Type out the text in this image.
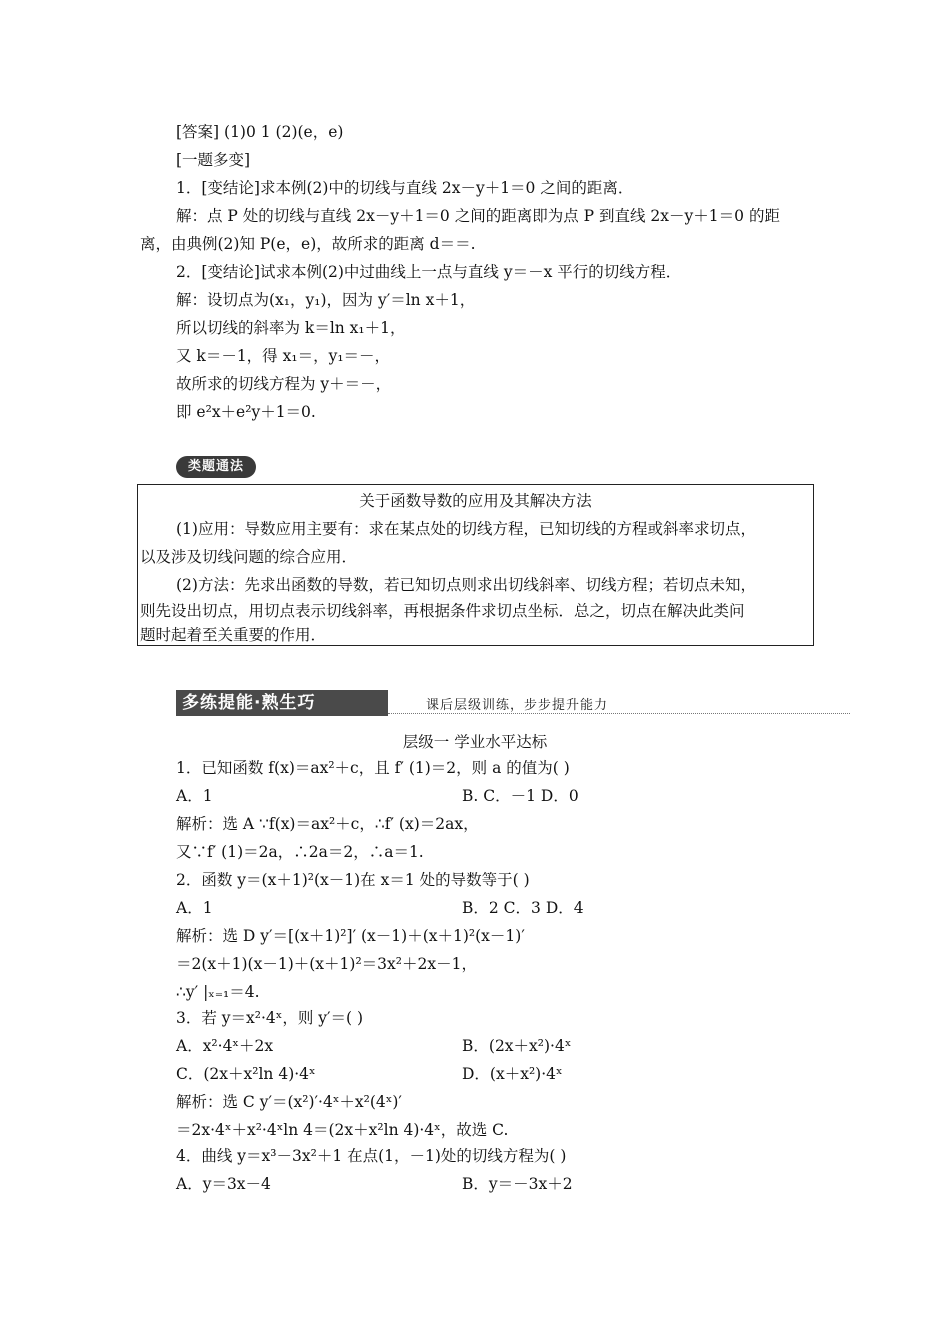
[答案] (1)0 1 (2)(e，e)
[一题多变]
1．[变结论]求本例(2)中的切线与直线 2x－y＋1＝0 之间的距离．
解：点 P 处的切线与直线 2x－y＋1＝0 之间的距离即为点 P 到直线 2x－y＋1＝0 的距
离，由典例(2)知 P(e，e)，故所求的距离 d＝＝.
2．[变结论]试求本例(2)中过曲线上一点与直线 y＝－x 平行的切线方程．
解：设切点为(x₁，y₁)，因为 y′＝ln x＋1，
所以切线的斜率为 k＝ln x₁＋1，
又 k＝－1，得 x₁＝，y₁＝－，
故所求的切线方程为 y＋＝－，
即 e²x＋e²y＋1＝0.
类题通法
关于函数导数的应用及其解决方法
(1)应用：导数应用主要有：求在某点处的切线方程，已知切线的方程或斜率求切点，
以及涉及切线问题的综合应用．
(2)方法：先求出函数的导数，若已知切点则求出切线斜率、切线方程；若切点未知，
则先设出切点，用切点表示切线斜率，再根据条件求切点坐标．总之，切点在解决此类问
题时起着至关重要的作用．
多练提能·熟生巧	课后层级训练，步步提升能力
层级一 学业水平达标
1．已知函数 f(x)＝ax²＋c，且 f′ (1)＝2，则 a 的值为( )
A．1	B. C．－1 D．0
解析：选 A ∵f(x)＝ax²＋c，∴f′ (x)＝2ax，
又∵f′ (1)＝2a，∴2a＝2，∴a＝1.
2．函数 y＝(x＋1)²(x－1)在 x＝1 处的导数等于( )
A．1	B．2 C．3 D．4
解析：选 D y′＝[(x＋1)²]′ (x－1)＋(x＋1)²(x－1)′
＝2(x＋1)(x－1)＋(x＋1)²＝3x²＋2x－1，
∴y′ |ₓ₌₁＝4.
3．若 y＝x²·4ˣ，则 y′＝( )
A．x²·4ˣ＋2x	B．(2x＋x²)·4ˣ
C．(2x＋x²ln 4)·4ˣ	D．(x＋x²)·4ˣ
解析：选 C y′＝(x²)′·4ˣ＋x²(4ˣ)′
＝2x·4ˣ＋x²·4ˣln 4＝(2x＋x²ln 4)·4ˣ，故选 C.
4．曲线 y＝x³－3x²＋1 在点(1，－1)处的切线方程为( )
A．y＝3x－4	B．y＝－3x＋2
